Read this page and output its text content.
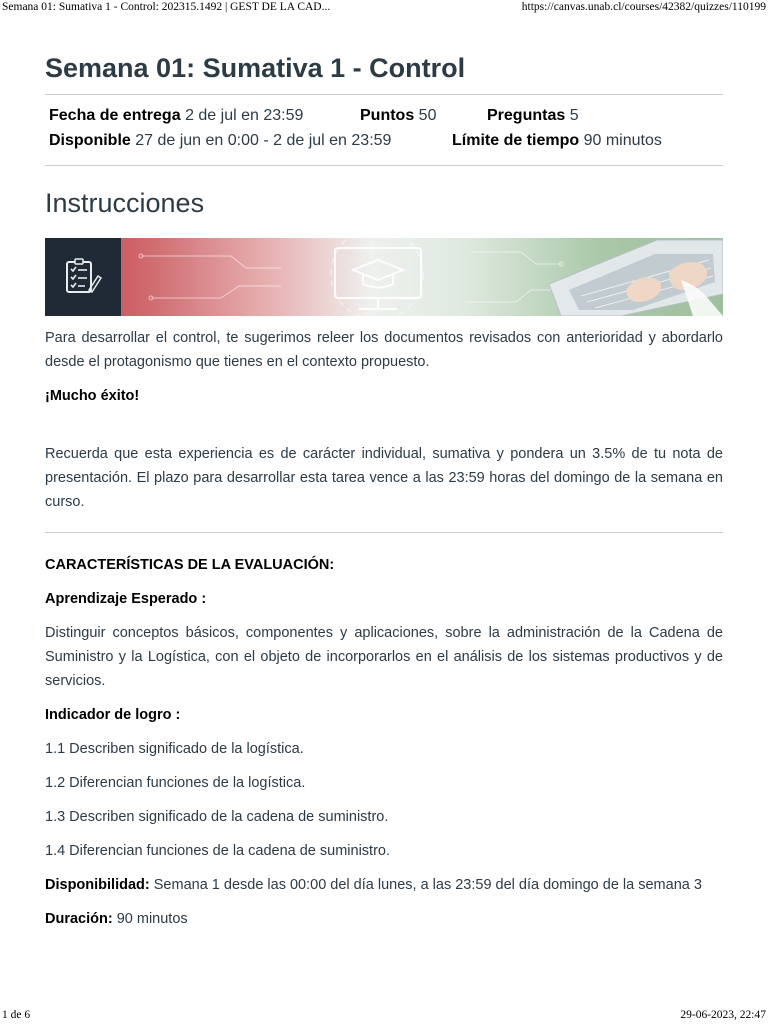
Semana 01: Sumativa 1 - Control: 202315.1492 | GEST DE LA CAD...	https://canvas.unab.cl/courses/42382/quizzes/110199
Semana 01: Sumativa 1 - Control
Fecha de entrega 2 de jul en 23:59	Puntos 50	Preguntas 5
Disponible 27 de jun en 0:00 - 2 de jul en 23:59	Límite de tiempo 90 minutos
Instrucciones

Para desarrollar el control, te sugerimos releer los documentos revisados con anterioridad y abordarlo desde el protagonismo que tienes en el contexto propuesto.

¡Mucho éxito!

Recuerda que esta experiencia es de carácter individual, sumativa y pondera un 3.5% de tu nota de presentación. El plazo para desarrollar esta tarea vence a las 23:59 horas del domingo de la semana en curso.

CARACTERÍSTICAS DE LA EVALUACIÓN:

Aprendizaje Esperado :

Distinguir conceptos básicos, componentes y aplicaciones, sobre la administración de la Cadena de Suministro y la Logística, con el objeto de incorporarlos en el análisis de los sistemas productivos y de servicios.

Indicador de logro :

1.1 Describen significado de la logística.

1.2 Diferencian funciones de la logística.

1.3 Describen significado de la cadena de suministro.

1.4 Diferencian funciones de la cadena de suministro.

Disponibilidad: Semana 1 desde las 00:00 del día lunes, a las 23:59 del día domingo de la semana 3

Duración: 90 minutos

1 de 6	29-06-2023, 22:47
